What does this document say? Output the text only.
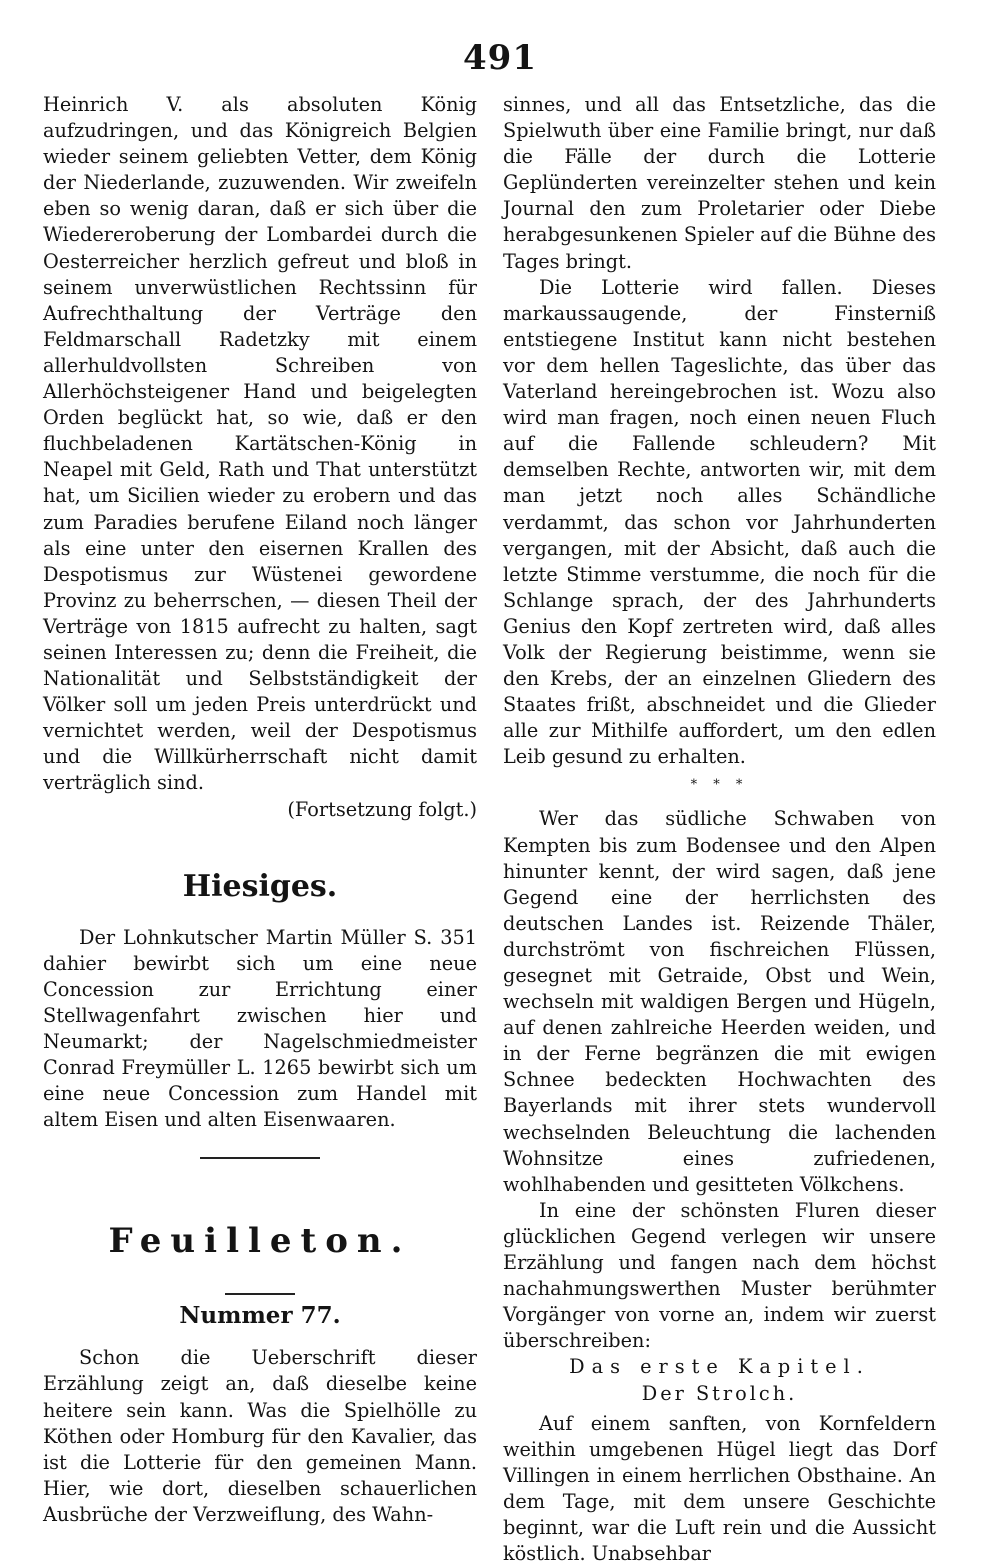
491

Heinrich V. als absoluten König aufzudringen, und das Königreich Belgien wieder seinem geliebten Vetter, dem König der Niederlande, zuzuwenden. Wir zweifeln eben so wenig daran, daß er sich über die Wiedereroberung der Lombardei durch die Oesterreicher herzlich gefreut und bloß in seinem unverwüstlichen Rechtssinn für Aufrechthaltung der Verträge den Feldmarschall Radetzky mit einem allerhuldvollsten Schreiben von Allerhöchsteigener Hand und beigelegten Orden beglückt hat, so wie, daß er den fluchbeladenen Kartätschen-König in Neapel mit Geld, Rath und That unterstützt hat, um Sicilien wieder zu erobern und das zum Paradies berufene Eiland noch länger als eine unter den eisernen Krallen des Despotismus zur Wüstenei gewordene Provinz zu beherrschen, — diesen Theil der Verträge von 1815 aufrecht zu halten, sagt seinen Interessen zu; denn die Freiheit, die Nationalität und Selbstständigkeit der Völker soll um jeden Preis unterdrückt und vernichtet werden, weil der Despotismus und die Willkürherrschaft nicht damit verträglich sind.

(Fortsetzung folgt.)

Hiesiges.

Der Lohnkutscher Martin Müller S. 351 dahier bewirbt sich um eine neue Concession zur Errichtung einer Stellwagenfahrt zwischen hier und Neumarkt; der Nagelschmiedmeister Conrad Freymüller L. 1265 bewirbt sich um eine neue Concession zum Handel mit altem Eisen und alten Eisenwaaren.

Feuilleton.
Nummer 77.

Schon die Ueberschrift dieser Erzählung zeigt an, daß dieselbe keine heitere sein kann. Was die Spielhölle zu Köthen oder Homburg für den Kavalier, das ist die Lotterie für den gemeinen Mann. Hier, wie dort, dieselben schauerlichen Ausbrüche der Verzweiflung, des Wahn-

sinnes, und all das Entsetzliche, das die Spielwuth über eine Familie bringt, nur daß die Fälle der durch die Lotterie Geplünderten vereinzelter stehen und kein Journal den zum Proletarier oder Diebe herabgesunkenen Spieler auf die Bühne des Tages bringt.

Die Lotterie wird fallen. Dieses markaussaugende, der Finsterniß entstiegene Institut kann nicht bestehen vor dem hellen Tageslichte, das über das Vaterland hereingebrochen ist. Wozu also wird man fragen, noch einen neuen Fluch auf die Fallende schleudern? Mit demselben Rechte, antworten wir, mit dem man jetzt noch alles Schändliche verdammt, das schon vor Jahrhunderten vergangen, mit der Absicht, daß auch die letzte Stimme verstumme, die noch für die Schlange sprach, der des Jahrhunderts Genius den Kopf zertreten wird, daß alles Volk der Regierung beistimme, wenn sie den Krebs, der an einzelnen Gliedern des Staates frißt, abschneidet und die Glieder alle zur Mithilfe auffordert, um den edlen Leib gesund zu erhalten.

⁎ ⁎ ⁎

Wer das südliche Schwaben von Kempten bis zum Bodensee und den Alpen hinunter kennt, der wird sagen, daß jene Gegend eine der herrlichsten des deutschen Landes ist. Reizende Thäler, durchströmt von fischreichen Flüssen, gesegnet mit Getraide, Obst und Wein, wechseln mit waldigen Bergen und Hügeln, auf denen zahlreiche Heerden weiden, und in der Ferne begränzen die mit ewigen Schnee bedeckten Hochwachten des Bayerlands mit ihrer stets wundervoll wechselnden Beleuchtung die lachenden Wohnsitze eines zufriedenen, wohlhabenden und gesitteten Völkchens.

In eine der schönsten Fluren dieser glücklichen Gegend verlegen wir unsere Erzählung und fangen nach dem höchst nachahmungswerthen Muster berühmter Vorgänger von vorne an, indem wir zuerst überschreiben:

Das erste Kapitel.

Der Strolch.

Auf einem sanften, von Kornfeldern weithin umgebenen Hügel liegt das Dorf Villingen in einem herrlichen Obsthaine. An dem Tage, mit dem unsere Geschichte beginnt, war die Luft rein und die Aussicht köstlich. Unabsehbar
